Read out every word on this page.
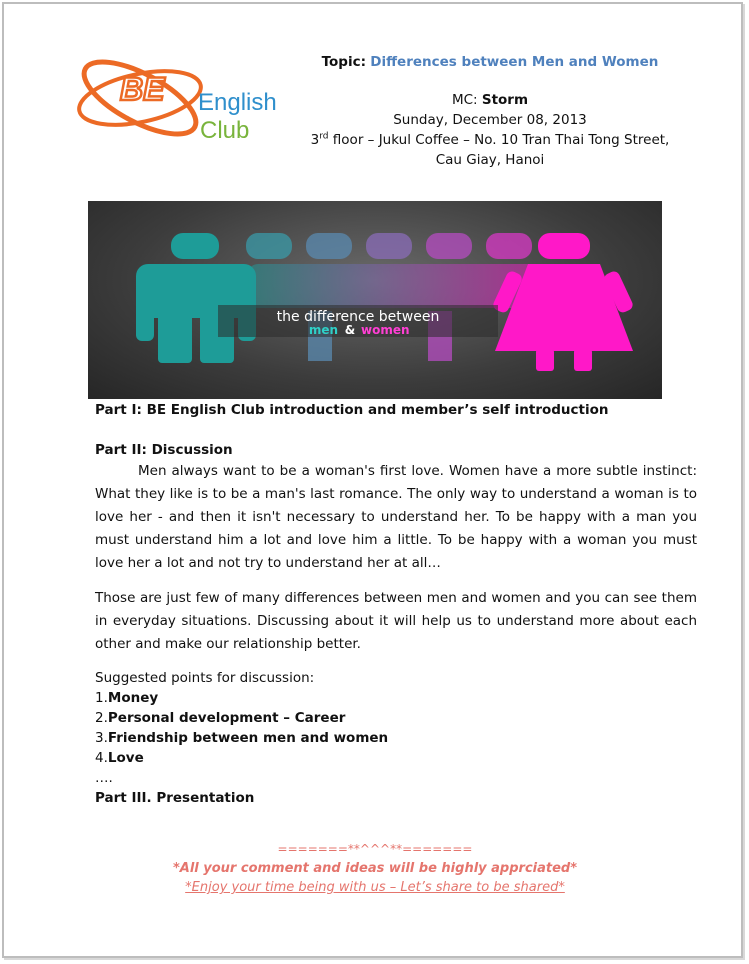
BE English
Club
Topic: Differences between Men and Women
MC: Storm
Sunday, December 08, 2013
3rd floor – Jukul Coffee – No. 10 Tran Thai Tong Street,
Cau Giay, Hanoi
the difference between
men & women

Part I: BE English Club introduction and member’s self introduction

Part II: Discussion

Men always want to be a woman's first love. Women have a more subtle instinct: What they like is to be a man's last romance. The only way to understand a woman is to love her - and then it isn't necessary to understand her. To be happy with a man you must understand him a lot and love him a little. To be happy with a woman you must love her a lot and not try to understand her at all…

Those are just few of many differences between men and women and you can see them in everyday situations. Discussing about it will help us to understand more about each other and make our relationship better.

Suggested points for discussion:

1.Money

2.Personal development – Career

3.Friendship between men and women

4.Love

….

Part III. Presentation

=======**^^^**=======
*All your comment and ideas will be highly apprciated*
*Enjoy your time being with us – Let’s share to be shared*
